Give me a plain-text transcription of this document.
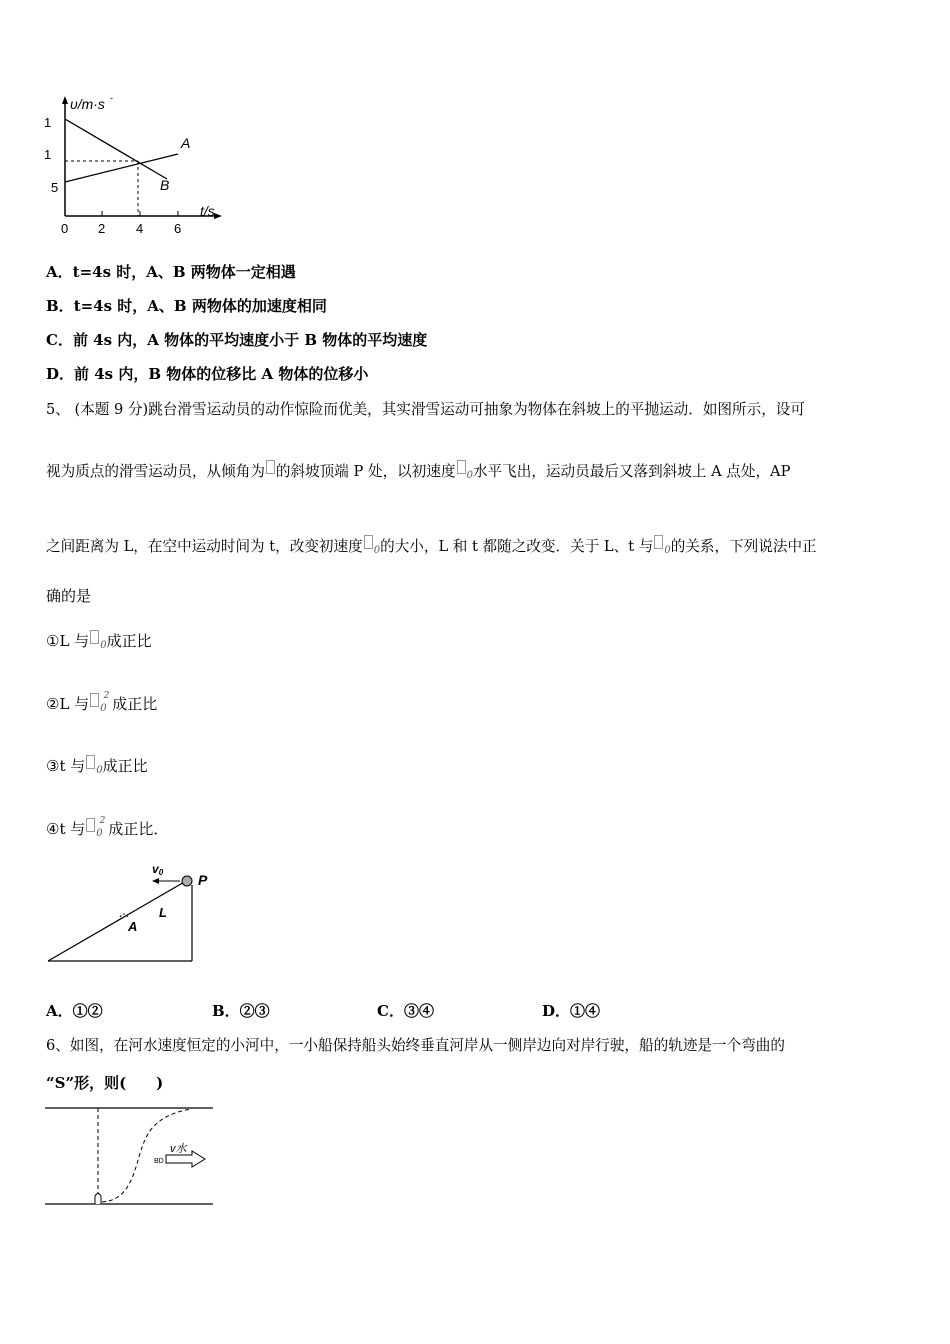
υ/m·s -
t/s
1
1
5
0 2 4 6
A
B
A．t=4s 时，A、B 两物体一定相遇
B．t=4s 时，A、B 两物体的加速度相同
C．前 4s 内，A 物体的平均速度小于 B 物体的平均速度
D．前 4s 内，B 物体的位移比 A 物体的位移小
5、 (本题 9 分)跳台滑雪运动员的动作惊险而优美，其实滑雪运动可抽象为物体在斜坡上的平抛运动．如图所示，设可
视为质点的滑雪运动员，从倾角为 的斜坡顶端 P 处，以初速度 $_0$水平飞出，运动员最后又落到斜坡上 A 点处，AP
之间距离为 L，在空中运动时间为 t，改变初速度 $_0$的大小，L 和 t 都随之改变．关于 L、t 与 $_0$的关系，下列说法中正
确的是
①L 与 $_0$成正比
②L 与 $_0^2$ 成正比
③t 与 $_0$成正比
④t 与 $_0^2$ 成正比．
v0 P
L
A
A．①②	B．②③	C．③④	D．①④
6、如图，在河水速度恒定的小河中，一小船保持船头始终垂直河岸从一侧岸边向对岸行驶，船的轨迹是一个弯曲的
“S”形，则(　　)
v水
BD
